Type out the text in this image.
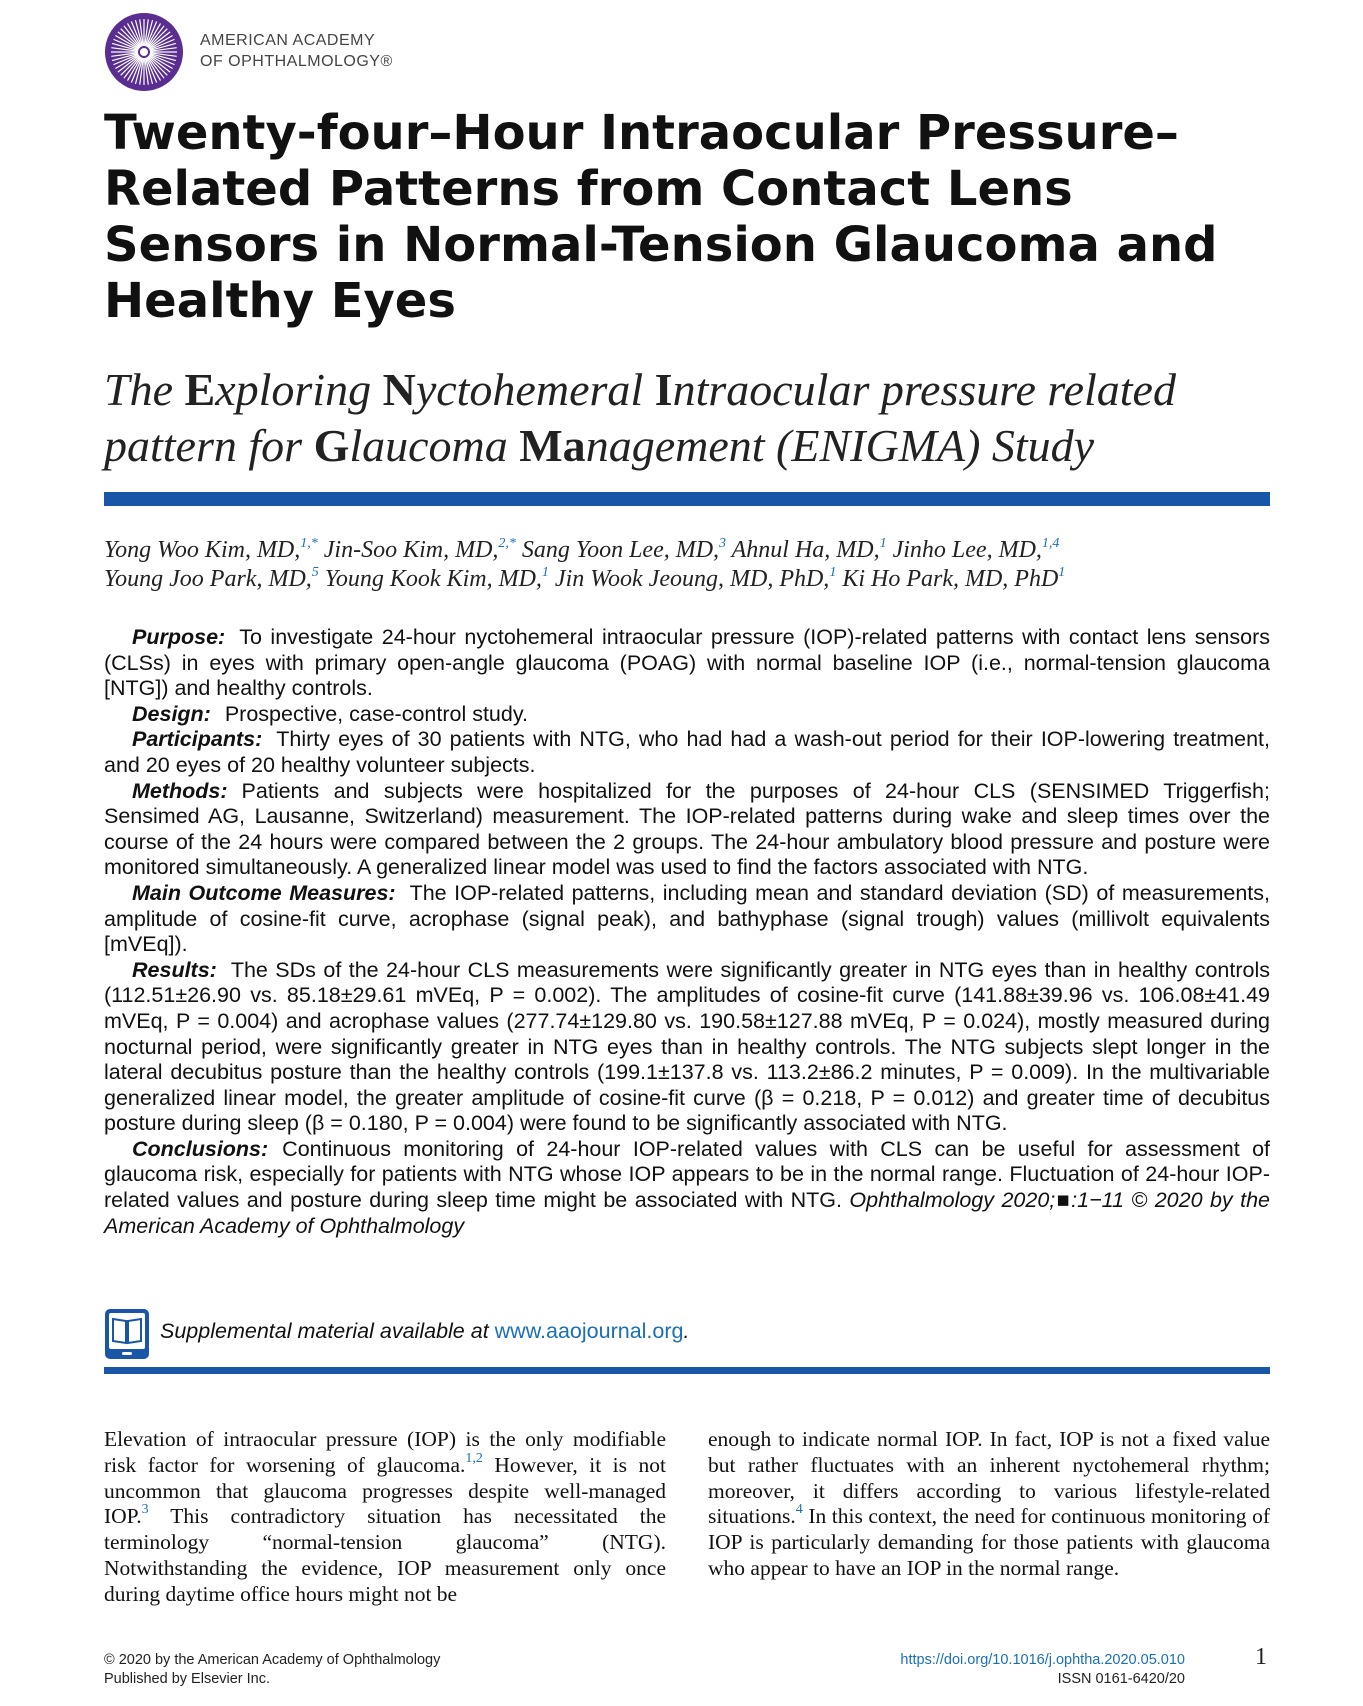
AMERICAN ACADEMY
OF OPHTHALMOLOGY®
Twenty-four–Hour Intraocular Pressure–Related Patterns from Contact Lens Sensors in Normal-Tension Glaucoma and Healthy Eyes
The Exploring Nyctohemeral Intraocular pressure related pattern for Glaucoma Management (ENIGMA) Study
Yong Woo Kim, MD,$^{1,*}$ Jin-Soo Kim, MD,$^{2,*}$ Sang Yoon Lee, MD,$^3$ Ahnul Ha, MD,$^1$ Jinho Lee, MD,$^{1,4}$
Young Joo Park, MD,$^5$ Young Kook Kim, MD,$^1$ Jin Wook Jeoung, MD, PhD,$^1$ Ki Ho Park, MD, PhD$^1$

Purpose: To investigate 24-hour nyctohemeral intraocular pressure (IOP)-related patterns with contact lens sensors (CLSs) in eyes with primary open-angle glaucoma (POAG) with normal baseline IOP (i.e., normal-tension glaucoma [NTG]) and healthy controls.

Design: Prospective, case-control study.

Participants: Thirty eyes of 30 patients with NTG, who had had a wash-out period for their IOP-lowering treatment, and 20 eyes of 20 healthy volunteer subjects.

Methods: Patients and subjects were hospitalized for the purposes of 24-hour CLS (SENSIMED Triggerfish; Sensimed AG, Lausanne, Switzerland) measurement. The IOP-related patterns during wake and sleep times over the course of the 24 hours were compared between the 2 groups. The 24-hour ambulatory blood pressure and posture were monitored simultaneously. A generalized linear model was used to find the factors associated with NTG.

Main Outcome Measures: The IOP-related patterns, including mean and standard deviation (SD) of measurements, amplitude of cosine-fit curve, acrophase (signal peak), and bathyphase (signal trough) values (millivolt equivalents [mVEq]).

Results: The SDs of the 24-hour CLS measurements were significantly greater in NTG eyes than in healthy controls (112.51±26.90 vs. 85.18±29.61 mVEq, P = 0.002). The amplitudes of cosine-fit curve (141.88±39.96 vs. 106.08±41.49 mVEq, P = 0.004) and acrophase values (277.74±129.80 vs. 190.58±127.88 mVEq, P = 0.024), mostly measured during nocturnal period, were significantly greater in NTG eyes than in healthy controls. The NTG subjects slept longer in the lateral decubitus posture than the healthy controls (199.1±137.8 vs. 113.2±86.2 minutes, P = 0.009). In the multivariable generalized linear model, the greater amplitude of cosine-fit curve (β = 0.218, P = 0.012) and greater time of decubitus posture during sleep (β = 0.180, P = 0.004) were found to be significantly associated with NTG.

Conclusions: Continuous monitoring of 24-hour IOP-related values with CLS can be useful for assessment of glaucoma risk, especially for patients with NTG whose IOP appears to be in the normal range. Fluctuation of 24-hour IOP-related values and posture during sleep time might be associated with NTG. Ophthalmology 2020;■:1−11 © 2020 by the American Academy of Ophthalmology

Supplemental material available at www.aaojournal.org.
Elevation of intraocular pressure (IOP) is the only modifiable risk factor for worsening of glaucoma.$^{1,2}$ However, it is not uncommon that glaucoma progresses despite well-managed IOP.$^3$ This contradictory situation has necessitated the terminology “normal-tension glaucoma” (NTG). Notwithstanding the evidence, IOP measurement only once during daytime office hours might not be
enough to indicate normal IOP. In fact, IOP is not a fixed value but rather fluctuates with an inherent nyctohemeral rhythm; moreover, it differs according to various lifestyle-related situations.$^4$ In this context, the need for continuous monitoring of IOP is particularly demanding for those patients with glaucoma who appear to have an IOP in the normal range.
© 2020 by the American Academy of Ophthalmology
Published by Elsevier Inc.
https://doi.org/10.1016/j.ophtha.2020.05.010
ISSN 0161-6420/20
1
